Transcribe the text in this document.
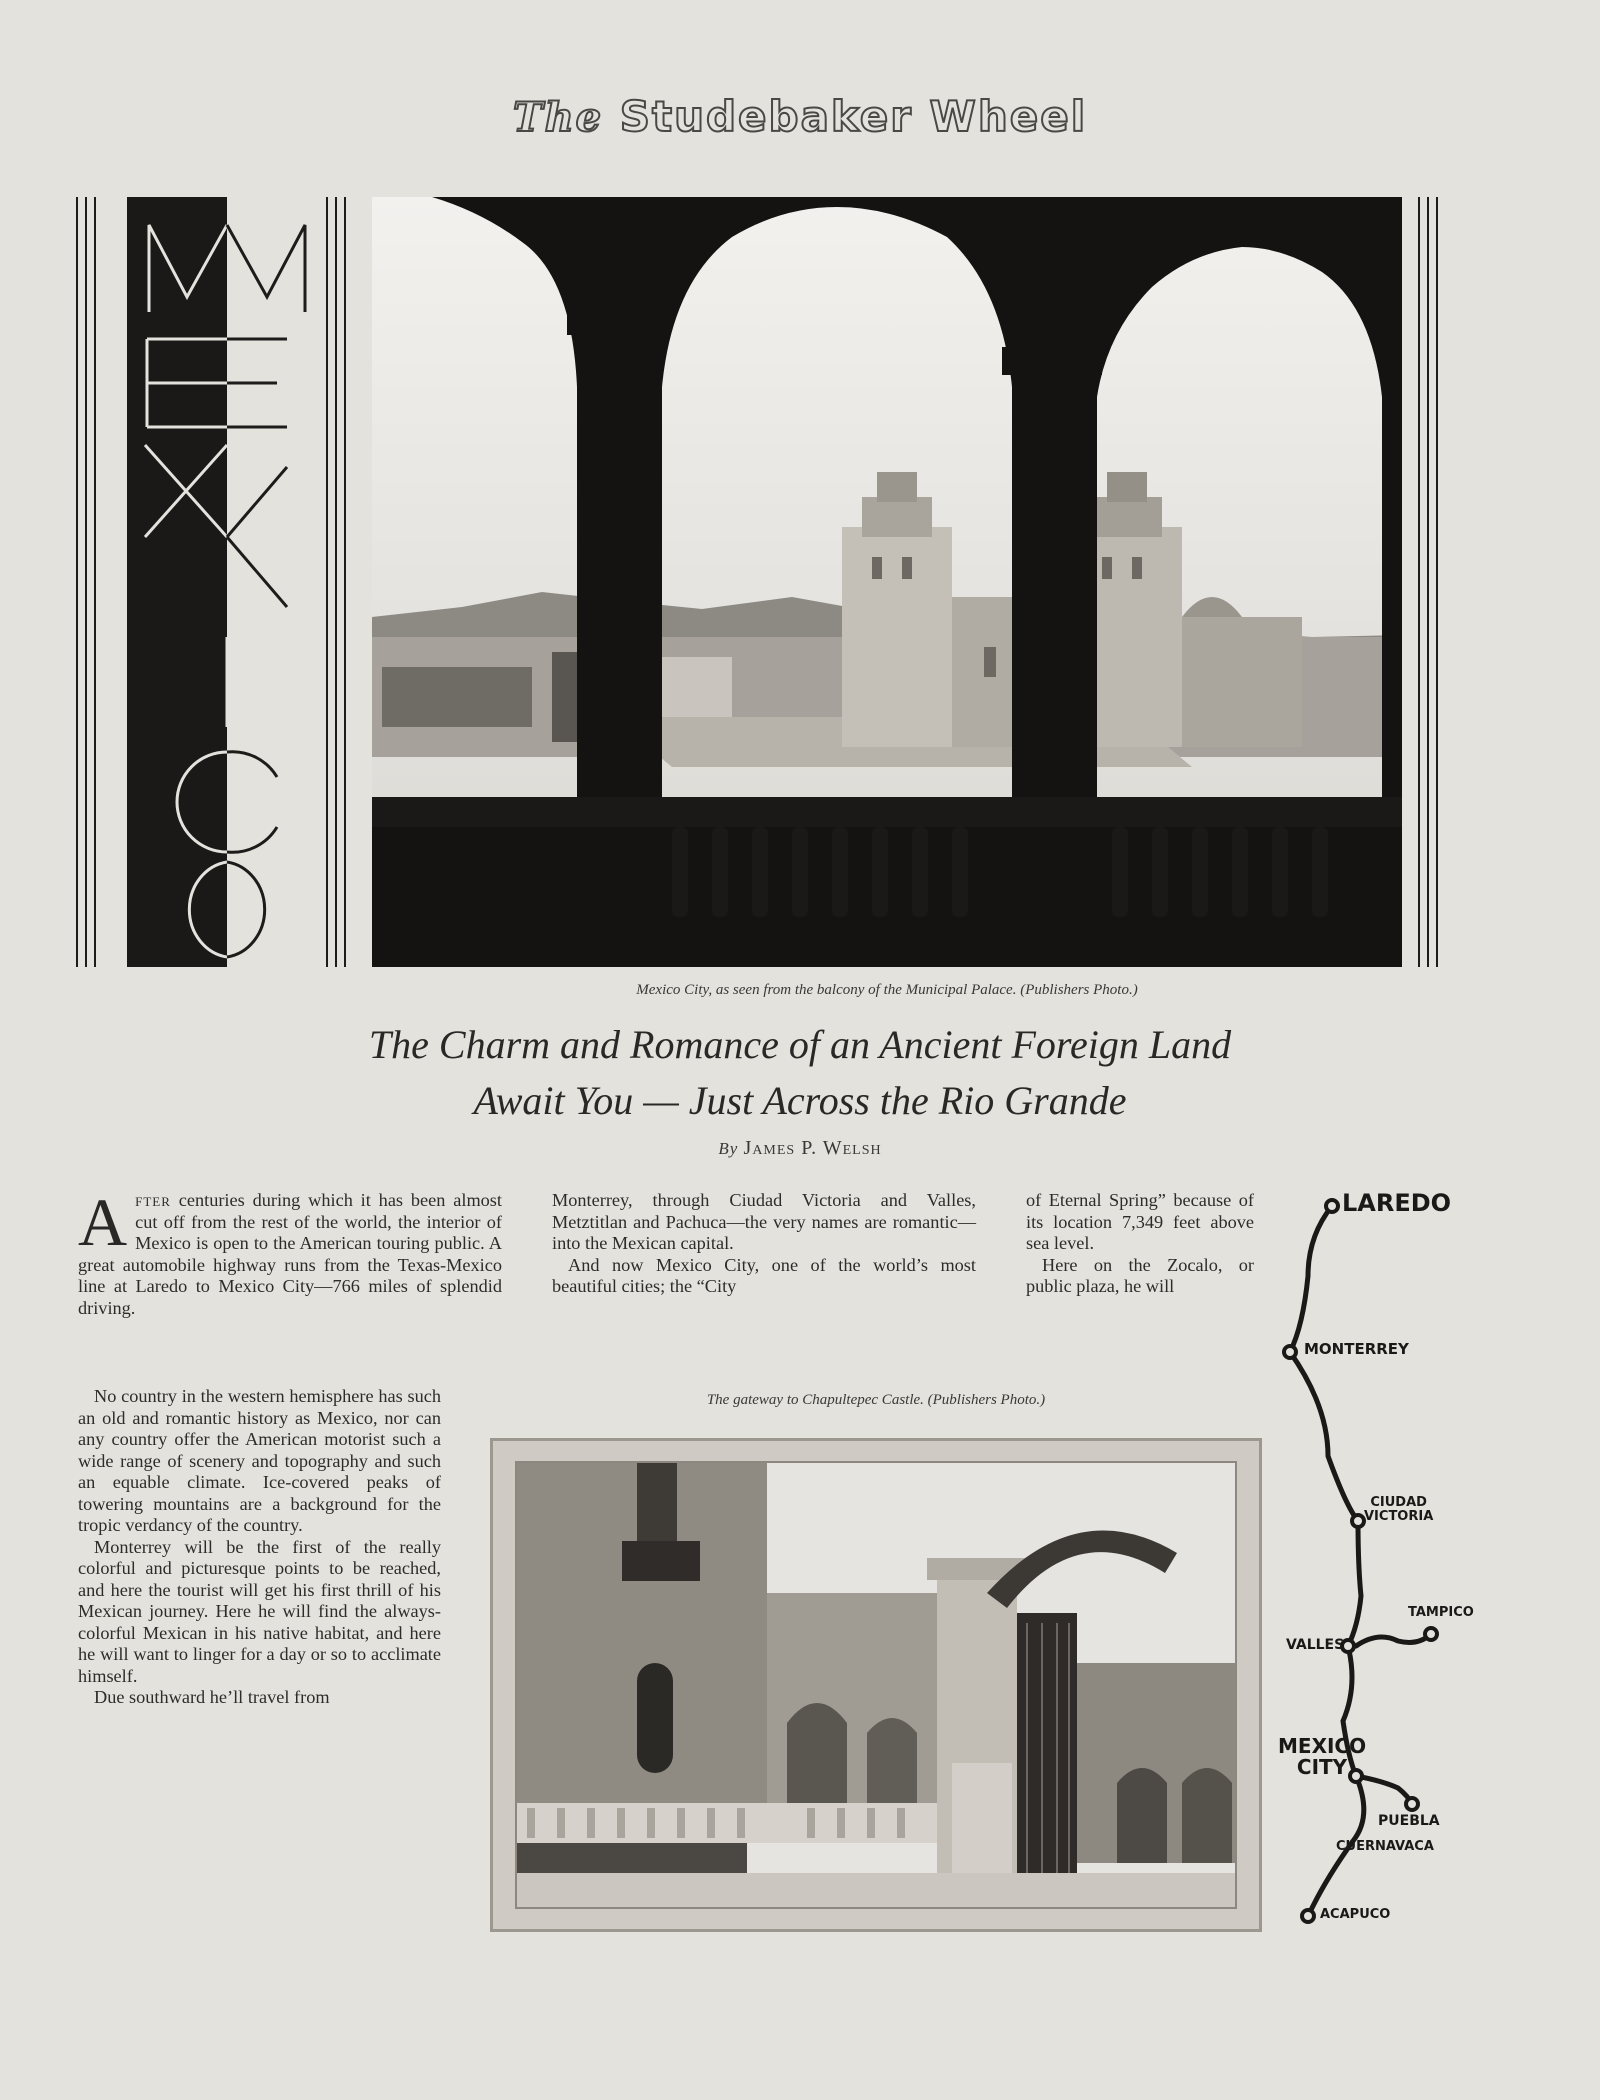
The Studebaker Wheel
Mexico City, as seen from the balcony of the Municipal Palace. (Publishers Photo.)
The Charm and Romance of an Ancient Foreign Land
Await You — Just Across the Rio Grande
By James P. Welsh

After centuries during which it has been almost cut off from the rest of the world, the interior of Mexico is open to the American touring public. A great automobile highway runs from the Texas-Mexico line at Laredo to Mexico City—766 miles of splendid driving.

No country in the western hemisphere has such an old and romantic history as Mexico, nor can any country offer the American motorist such a wide range of scenery and topography and such an equable climate. Ice-covered peaks of towering mountains are a background for the tropic verdancy of the country.

Monterrey will be the first of the really colorful and picturesque points to be reached, and here the tourist will get his first thrill of his Mexican journey. Here he will find the always-colorful Mexican in his native habitat, and here he will want to linger for a day or so to acclimate himself.

Due southward he’ll travel from

Monterrey, through Ciudad Victoria and Valles, Metztitlan and Pachuca—the very names are romantic—into the Mexican capital.

And now Mexico City, one of the world’s most beautiful cities; the “City

of Eternal Spring” because of its location 7,349 feet above sea level.

Here on the Zocalo, or public plaza, he will

The gateway to Chapultepec Castle. (Publishers Photo.)
LAREDO
MONTERREY
CIUDAD
VICTORIA
TAMPICO
VALLES
MEXICO
CITY
PUEBLA
CUERNAVACA
ACAPUCO
